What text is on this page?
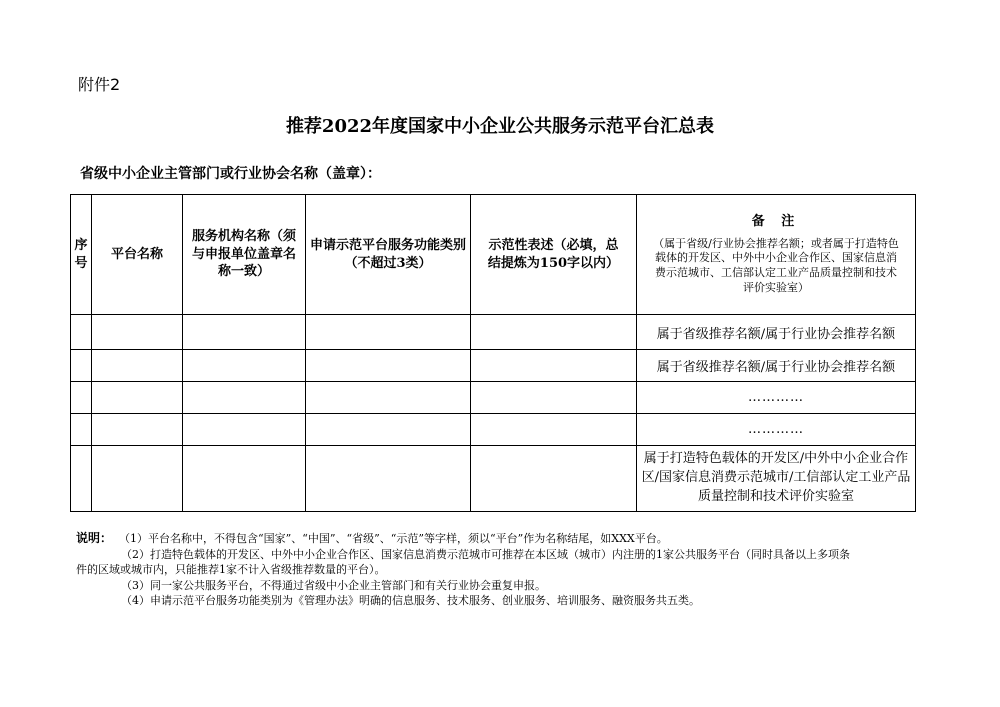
附件2
推荐2022年度国家中小企业公共服务示范平台汇总表
省级中小企业主管部门或行业协会名称（盖章）：
序号	平台名称	服务机构名称（须与申报单位盖章名称一致）	申请示范平台服务功能类别（不超过3类）	示范性表述（必填，总结提炼为150字以内）	备 注
（属于省级/行业协会推荐名额；或者属于打造特色载体的开发区、中外中小企业合作区、国家信息消费示范城市、工信部认定工业产品质量控制和技术评价实验室）

					属于省级推荐名额/属于行业协会推荐名额
					属于省级推荐名额/属于行业协会推荐名额
					…………
					…………
					属于打造特色载体的开发区/中外中小企业合作区/国家信息消费示范城市/工信部认定工业产品质量控制和技术评价实验室

说明： （1）平台名称中，不得包含“国家”、“中国”、“省级”、“示范”等字样，须以“平台”作为名称结尾，如XXX平台。

（2）打造特色载体的开发区、中外中小企业合作区、国家信息消费示范城市可推荐在本区域（城市）内注册的1家公共服务平台（同时具备以上多项条

件的区域或城市内，只能推荐1家不计入省级推荐数量的平台）。

（3）同一家公共服务平台，不得通过省级中小企业主管部门和有关行业协会重复申报。

（4）申请示范平台服务功能类别为《管理办法》明确的信息服务、技术服务、创业服务、培训服务、融资服务共五类。
